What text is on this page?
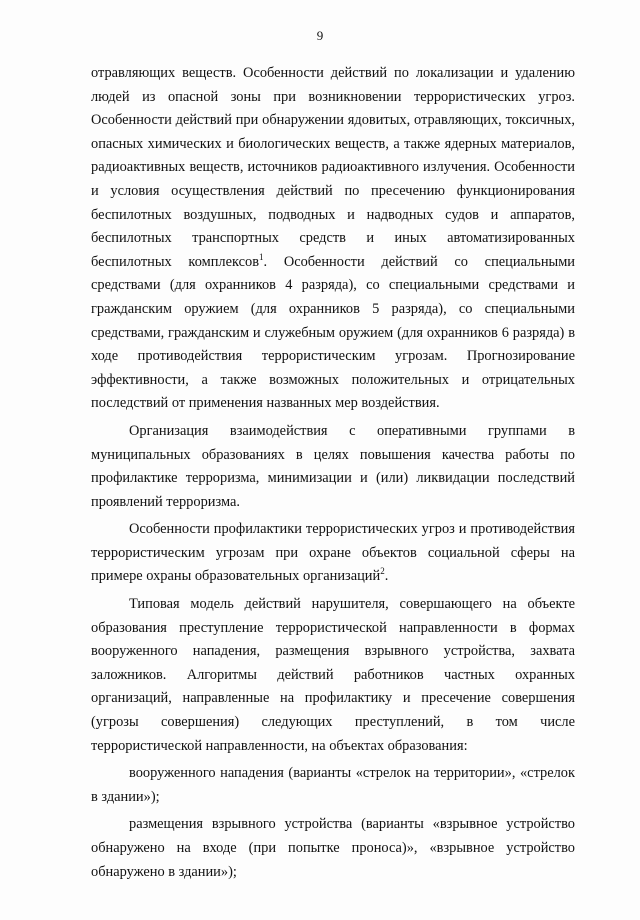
9

отравляющих веществ. Особенности действий по локализации и удалению людей из опасной зоны при возникновении террористических угроз. Особенности действий при обнаружении ядовитых, отравляющих, токсичных, опасных химических и биологических веществ, а также ядерных материалов, радиоактивных веществ, источников радиоактивного излучения. Особенности и условия осуществления действий по пресечению функционирования беспилотных воздушных, подводных и надводных судов и аппаратов, беспилотных транспортных средств и иных автоматизированных беспилотных комплексов$^1$. Особенности действий со специальными средствами (для охранников 4 разряда), со специальными средствами и гражданским оружием (для охранников 5 разряда), со специальными средствами, гражданским и служебным оружием (для охранников 6 разряда) в ходе противодействия террористическим угрозам. Прогнозирование эффективности, а также возможных положительных и отрицательных последствий от применения названных мер воздействия.

Организация взаимодействия с оперативными группами в муниципальных образованиях в целях повышения качества работы по профилактике терроризма, минимизации и (или) ликвидации последствий проявлений терроризма.

Особенности профилактики террористических угроз и противодействия террористическим угрозам при охране объектов социальной сферы на примере охраны образовательных организаций$^2$.

Типовая модель действий нарушителя, совершающего на объекте образования преступление террористической направленности в формах вооруженного нападения, размещения взрывного устройства, захвата заложников. Алгоритмы действий работников частных охранных организаций, направленные на профилактику и пресечение совершения (угрозы совершения) следующих преступлений, в том числе террористической направленности, на объектах образования:

вооруженного нападения (варианты «стрелок на территории», «стрелок в здании»);

размещения взрывного устройства (варианты «взрывное устройство обнаружено на входе (при попытке проноса)», «взрывное устройство обнаружено в здании»);
